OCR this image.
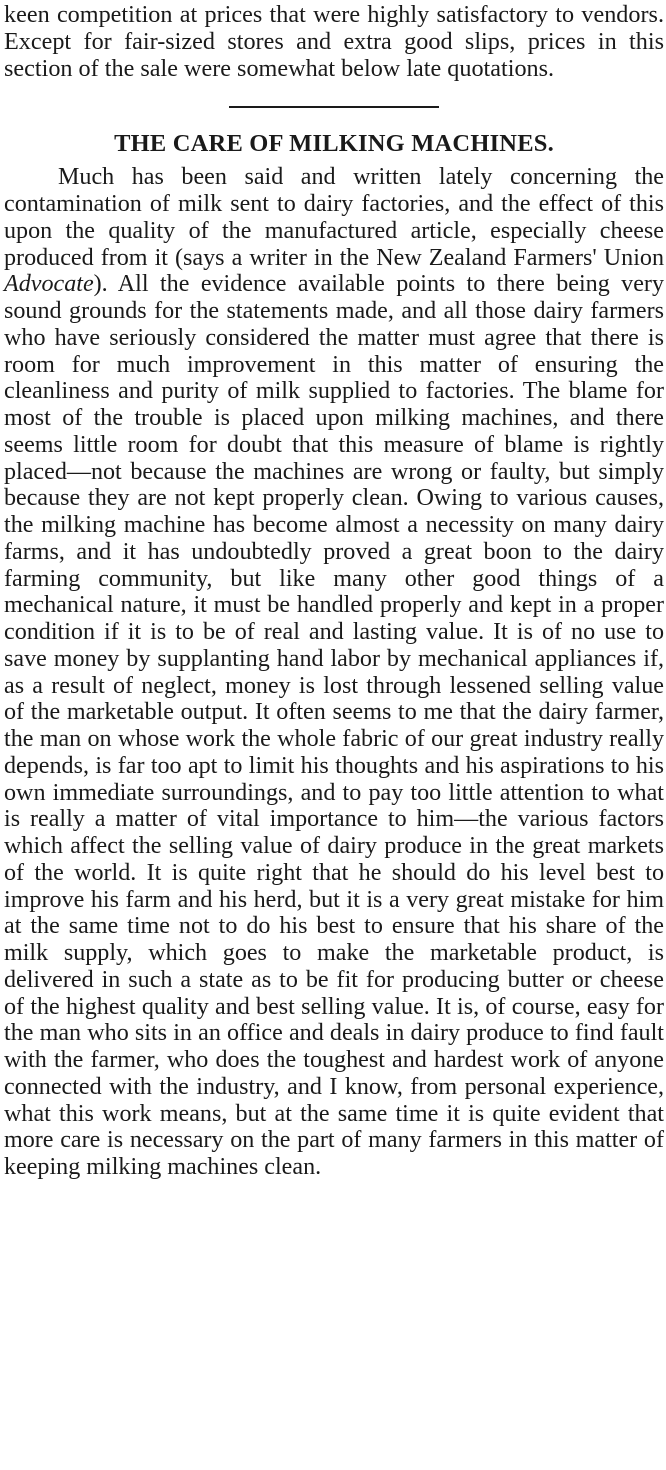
keen competition at prices that were highly satisfactory to vendors. Except for fair-sized stores and extra good slips, prices in this section of the sale were somewhat below late quotations.

THE CARE OF MILKING MACHINES.

Much has been said and written lately concerning the contamination of milk sent to dairy factories, and the effect of this upon the quality of the manufactured article, especially cheese produced from it (says a writer in the New Zealand Farmers' Union Advocate). All the evidence available points to there being very sound grounds for the statements made, and all those dairy farmers who have seriously considered the matter must agree that there is room for much improvement in this matter of ensuring the cleanliness and purity of milk supplied to factories. The blame for most of the trouble is placed upon milking machines, and there seems little room for doubt that this measure of blame is rightly placed—not because the machines are wrong or faulty, but simply because they are not kept properly clean. Owing to various causes, the milking machine has become almost a necessity on many dairy farms, and it has undoubtedly proved a great boon to the dairy farming community, but like many other good things of a mechanical nature, it must be handled properly and kept in a proper condition if it is to be of real and lasting value. It is of no use to save money by supplanting hand labor by mechanical appliances if, as a result of neglect, money is lost through lessened selling value of the marketable output. It often seems to me that the dairy farmer, the man on whose work the whole fabric of our great industry really depends, is far too apt to limit his thoughts and his aspirations to his own immediate surroundings, and to pay too little attention to what is really a matter of vital importance to him—the various factors which affect the selling value of dairy produce in the great markets of the world. It is quite right that he should do his level best to improve his farm and his herd, but it is a very great mistake for him at the same time not to do his best to ensure that his share of the milk supply, which goes to make the marketable product, is delivered in such a state as to be fit for producing butter or cheese of the highest quality and best selling value. It is, of course, easy for the man who sits in an office and deals in dairy produce to find fault with the farmer, who does the toughest and hardest work of anyone connected with the industry, and I know, from personal experience, what this work means, but at the same time it is quite evident that more care is necessary on the part of many farmers in this matter of keeping milking machines clean.
